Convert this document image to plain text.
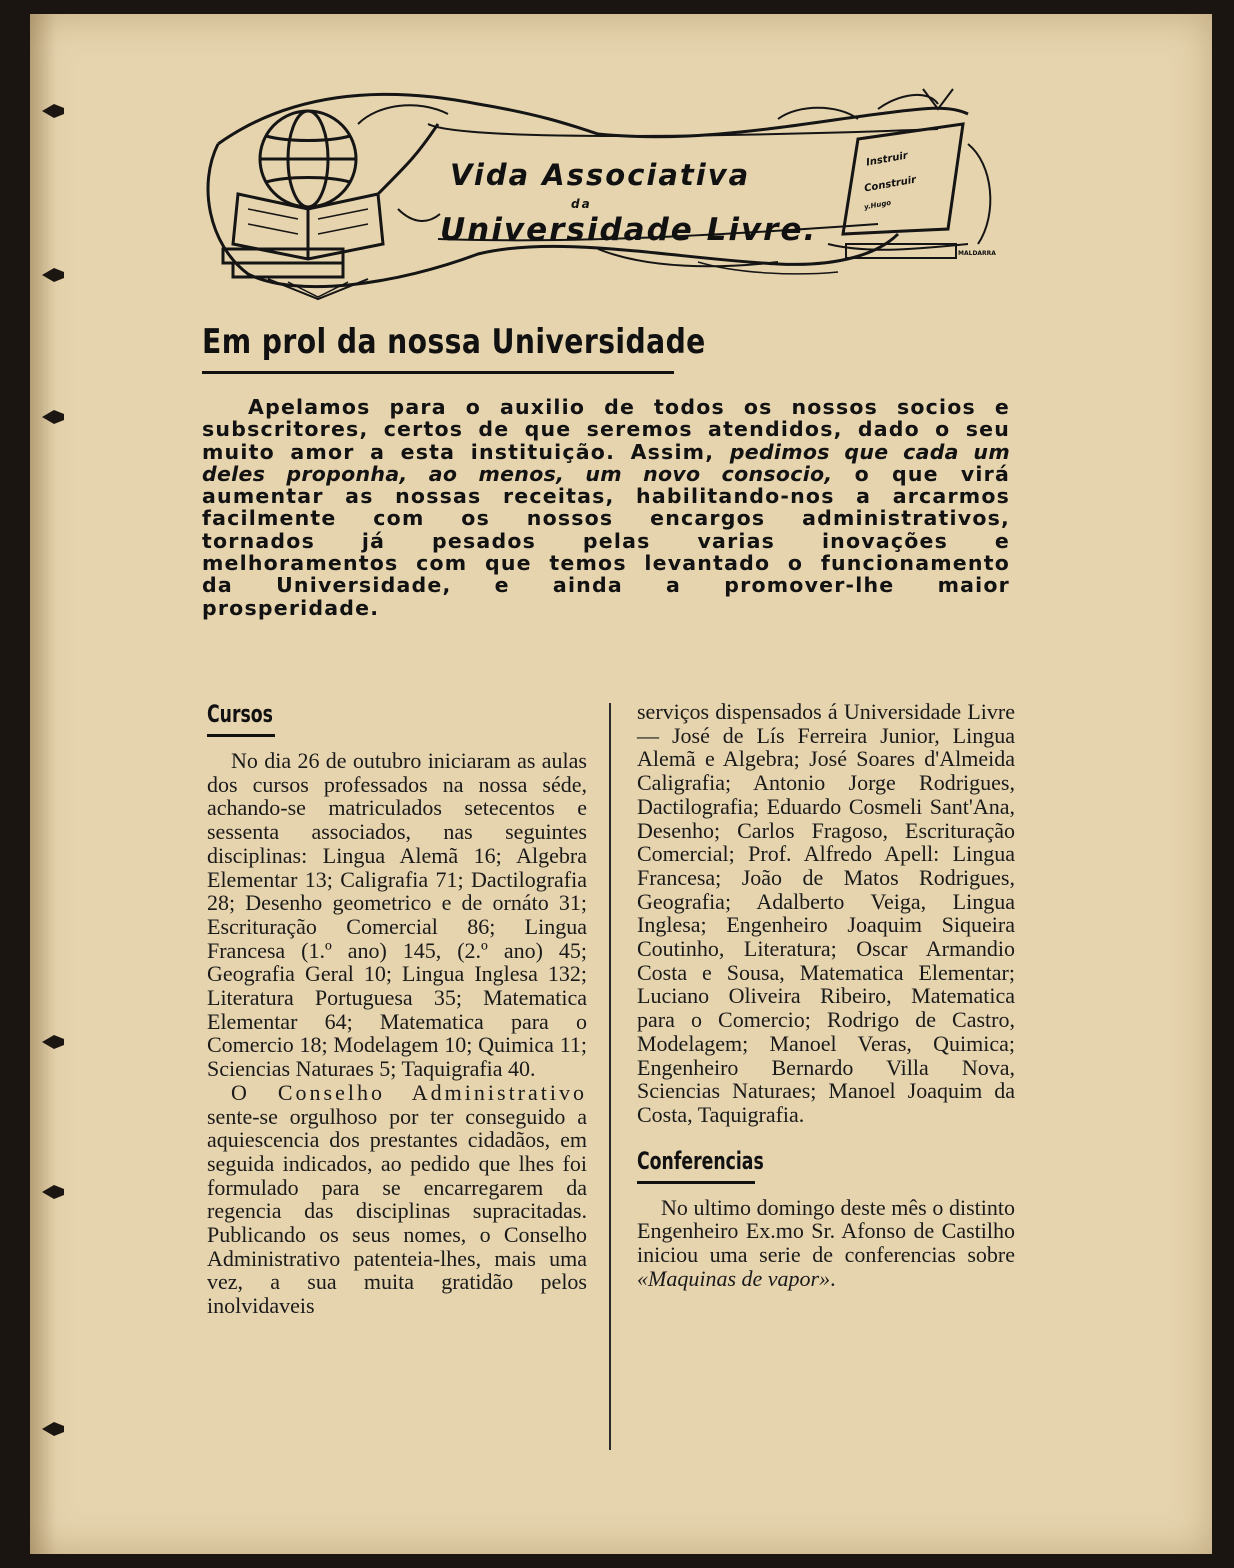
Vida Associativa
da
Universidade Livre.
Instruir
Construir
y.Hugo
MALDARRA
Em prol da nossa Universidade

Apelamos para o auxilio de todos os nossos socios e subscritores, certos de que seremos atendidos, dado o seu muito amor a esta instituição. Assim, pedimos que cada um deles proponha, ao menos, um novo consocio, o que virá aumentar as nossas receitas, habilitando-nos a arcarmos facilmente com os nossos encargos administrativos, tornados já pesados pelas varias inovações e melhoramentos com que temos levantado o funcionamento da Universidade, e ainda a promover-lhe maior prosperidade.

Cursos

No dia 26 de outubro iniciaram as aulas dos cursos professados na nossa séde, achando-se matriculados setecentos e sessenta associados, nas seguintes disciplinas: Lingua Alemã 16; Algebra Elementar 13; Caligrafia 71; Dactilografia 28; Desenho geometrico e de ornáto 31; Escrituração Comercial 86; Lingua Francesa (1.º ano) 145, (2.º ano) 45; Geografia Geral 10; Lingua Inglesa 132; Literatura Portuguesa 35; Matematica Elementar 64; Matematica para o Comercio 18; Modelagem 10; Quimica 11; Sciencias Naturaes 5; Taquigrafia 40.

O Conselho Administrativo sente-se orgulhoso por ter conseguido a aquiescencia dos prestantes cidadãos, em seguida indicados, ao pedido que lhes foi formulado para se encarregarem da regencia das disciplinas supracitadas. Publicando os seus nomes, o Conselho Administrativo patenteia-lhes, mais uma vez, a sua muita gratidão pelos inolvidaveis

serviços dispensados á Universidade Livre — José de Lís Ferreira Junior, Lingua Alemã e Algebra; José Soares d'Almeida Caligrafia; Antonio Jorge Rodrigues, Dactilografia; Eduardo Cosmeli Sant'Ana, Desenho; Carlos Fragoso, Escrituração Comercial; Prof. Alfredo Apell: Lingua Francesa; João de Matos Rodrigues, Geografia; Adalberto Veiga, Lingua Inglesa; Engenheiro Joaquim Siqueira Coutinho, Literatura; Oscar Armandio Costa e Sousa, Matematica Elementar; Luciano Oliveira Ribeiro, Matematica para o Comercio; Rodrigo de Castro, Modelagem; Manoel Veras, Quimica; Engenheiro Bernardo Villa Nova, Sciencias Naturaes; Manoel Joaquim da Costa, Taquigrafia.

Conferencias

No ultimo domingo deste mês o distinto Engenheiro Ex.mo Sr. Afonso de Castilho iniciou uma serie de conferencias sobre «Maquinas de vapor».
